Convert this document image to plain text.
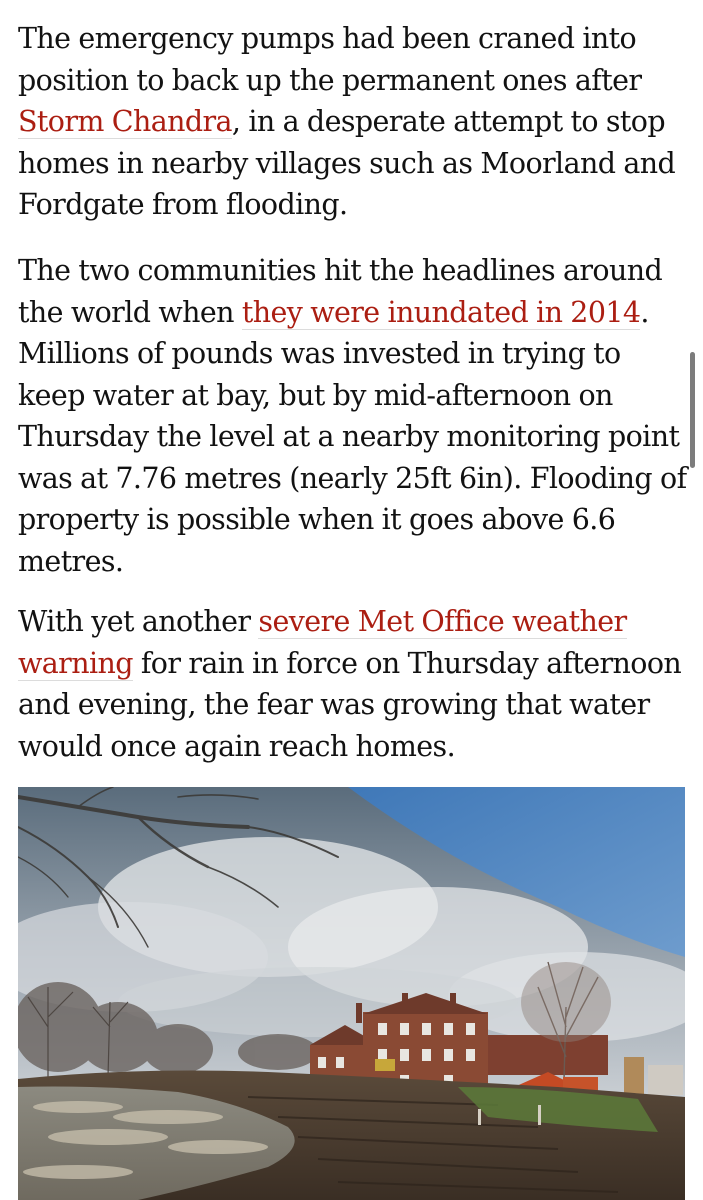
The emergency pumps had been craned into position to back up the permanent ones after Storm Chandra, in a desperate attempt to stop homes in nearby villages such as Moorland and Fordgate from flooding.

The two communities hit the headlines around the world when they were inundated in 2014. Millions of pounds was invested in trying to keep water at bay, but by mid-afternoon on Thursday the level at a nearby monitoring point was at 7.76 metres (nearly 25ft 6in). Flooding of property is possible when it goes above 6.6 metres.

With yet another severe Met Office weather warning for rain in force on Thursday afternoon and evening, the fear was growing that water would once again reach homes.
